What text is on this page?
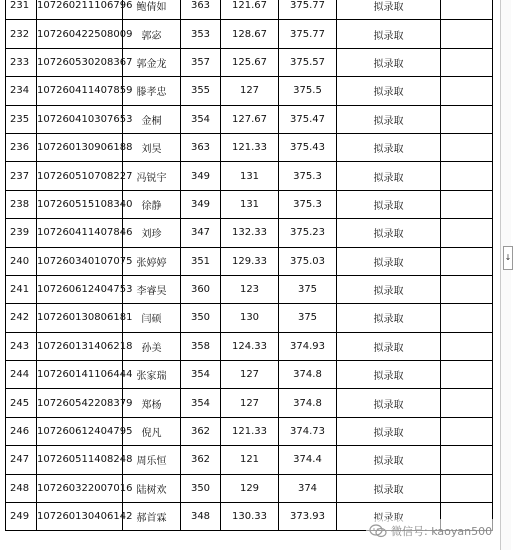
231	107260211106796	鲍倩如	363	121.67	375.77	拟录取	
232	107260422508009	郭宓	353	128.67	375.77	拟录取	
233	107260530208367	郭金龙	357	125.67	375.57	拟录取	
234	107260411407859	滕孝忠	355	127	375.5	拟录取	
235	107260410307653	金桐	354	127.67	375.47	拟录取	
236	107260130906188	刘昊	363	121.33	375.43	拟录取	
237	107260510708227	冯锐宇	349	131	375.3	拟录取	
238	107260515108340	徐静	349	131	375.3	拟录取	
239	107260411407846	刘珍	347	132.33	375.23	拟录取	
240	107260340107075	张婷婷	351	129.33	375.03	拟录取	
241	107260612404753	李睿昊	360	123	375	拟录取	
242	107260130806181	闫硕	350	130	375	拟录取	
243	107260131406218	孙美	358	124.33	374.93	拟录取	
244	107260141106444	张家瑞	354	127	374.8	拟录取	
245	107260542208379	郑杨	354	127	374.8	拟录取	
246	107260612404795	倪凡	362	121.33	374.73	拟录取	
247	107260511408248	周乐恒	362	121	374.4	拟录取	
248	107260322007016	陆树欢	350	129	374	拟录取	
249	107260130406142	郝首霖	348	130.33	373.93		
↓
微信号: kaoyan500
